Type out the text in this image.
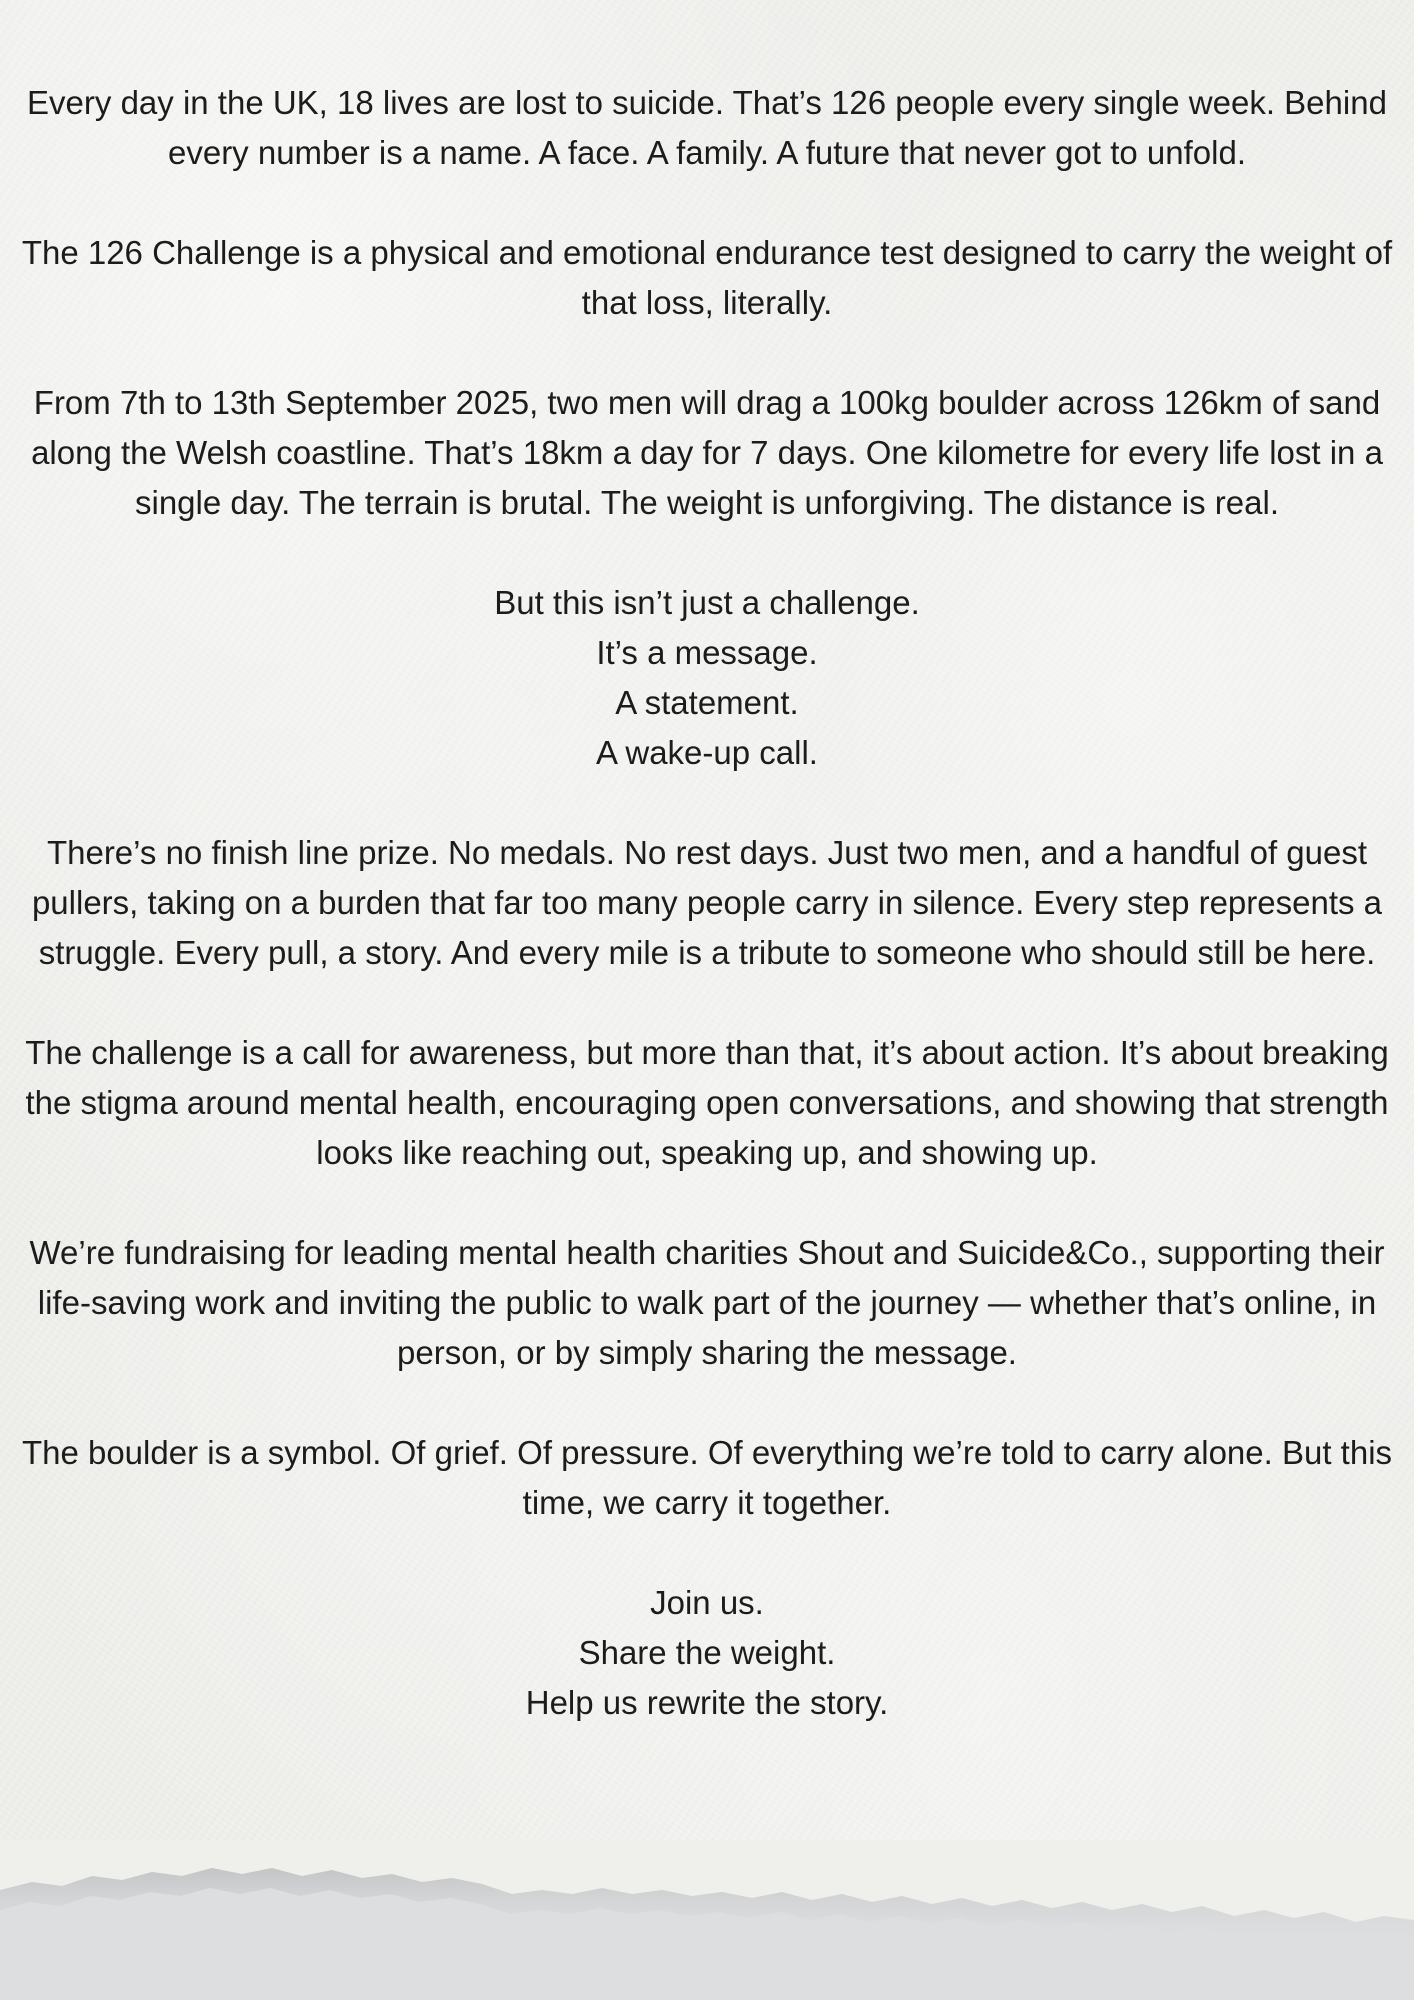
Every day in the UK, 18 lives are lost to suicide. That’s 126 people every single week. Behind every number is a name. A face. A family. A future that never got to unfold.

The 126 Challenge is a physical and emotional endurance test designed to carry the weight of that loss, literally.

From 7th to 13th September 2025, two men will drag a 100kg boulder across 126km of sand along the Welsh coastline. That’s 18km a day for 7 days. One kilometre for every life lost in a single day. The terrain is brutal. The weight is unforgiving. The distance is real.

But this isn’t just a challenge.

It’s a message.

A statement.

A wake-up call.

There’s no finish line prize. No medals. No rest days. Just two men, and a handful of guest pullers, taking on a burden that far too many people carry in silence. Every step represents a struggle. Every pull, a story. And every mile is a tribute to someone who should still be here.

The challenge is a call for awareness, but more than that, it’s about action. It’s about breaking the stigma around mental health, encouraging open conversations, and showing that strength looks like reaching out, speaking up, and showing up.

We’re fundraising for leading mental health charities Shout and Suicide&Co., supporting their life-saving work and inviting the public to walk part of the journey — whether that’s online, in person, or by simply sharing the message.

The boulder is a symbol. Of grief. Of pressure. Of everything we’re told to carry alone. But this time, we carry it together.

Join us.

Share the weight.

Help us rewrite the story.
